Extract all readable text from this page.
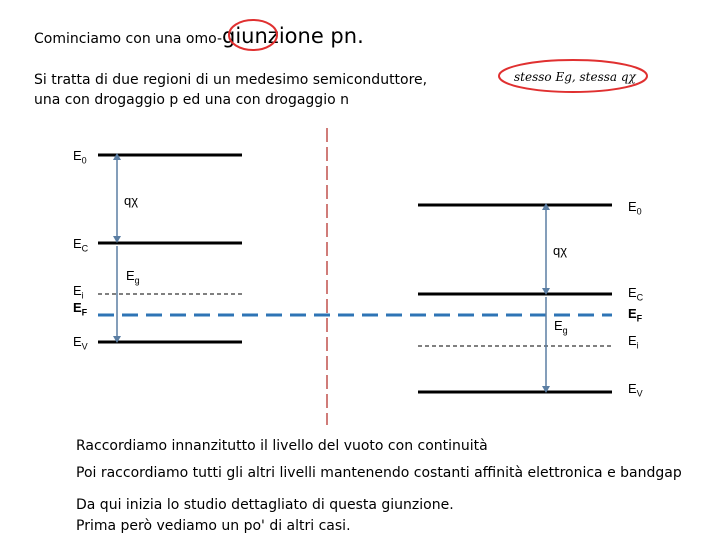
Cominciamo con una omo-giunzione pn.
Si tratta di due regioni di un medesimo semiconduttore,
una con drogaggio p ed una con drogaggio n
stesso Eg, stessa qχ
$E_0$
qχ
$E_C$
$E_g$
$E_i$
$E_F$
$E_V$
$E_0$
qχ
$E_C$
$E_F$
$E_g$
$E_i$
$E_V$
Raccordiamo innanzitutto il livello del vuoto con continuità
Poi raccordiamo tutti gli altri livelli mantenendo costanti affinità elettronica e bandgap
Da qui inizia lo studio dettagliato di questa giunzione.
Prima però vediamo un po' di altri casi.
